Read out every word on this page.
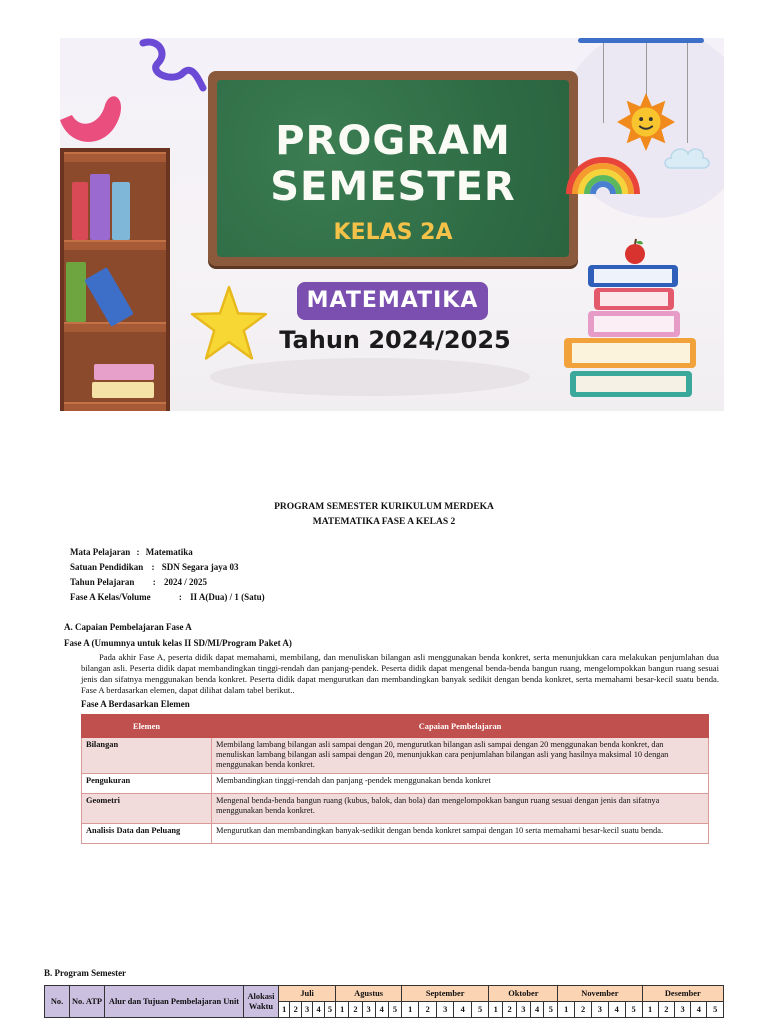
PROGRAM
SEMESTER
KELAS 2A
MATEMATIKA
Tahun 2024/2025
PROGRAM SEMESTER KURIKULUM MERDEKA
MATEMATIKA FASE A KELAS 2
Mata Pelajaran : Matematika
Satuan Pendidikan : SDN Segara jaya 03
Tahun Pelajaran : 2024 / 2025
Fase A Kelas/Volume	: II A(Dua) / 1 (Satu)
A. Capaian Pembelajaran Fase A
Fase A (Umumnya untuk kelas II SD/MI/Program Paket A)
Pada akhir Fase A, peserta didik dapat memahami, membilang, dan menuliskan bilangan asli menggunakan benda konkret, serta menunjukkan cara melakukan penjumlahan dua bilangan asli. Peserta didik dapat membandingkan tinggi-rendah dan panjang-pendek. Peserta didik dapat mengenal benda-benda bangun ruang, mengelompokkan bangun ruang sesuai jenis dan sifatnya menggunakan benda konkret. Peserta didik dapat mengurutkan dan membandingkan banyak sedikit dengan benda konkret, serta memahami besar-kecil suatu benda. Fase A berdasarkan elemen, dapat dilihat dalam tabel berikut..
Fase A Berdasarkan Elemen
Elemen	Capaian Pembelajaran
Bilangan	Membilang lambang bilangan asli sampai dengan 20, mengurutkan bilangan asli sampai dengan 20 menggunakan benda konkret, dan menuliskan lambang bilangan asli sampai dengan 20, menunjukkan cara penjumlahan bilangan asli yang hasilnya maksimal 10 dengan menggunakan benda konkret.
Pengukuran	Membandingkan tinggi-rendah dan panjang -pendek menggunakan benda konkret
Geometri	Mengenal benda-benda bangun ruang (kubus, balok, dan bola) dan mengelompokkan bangun ruang sesuai dengan jenis dan sifatnya menggunakan benda konkret.
Analisis Data dan Peluang	Mengurutkan dan membandingkan banyak-sedikit dengan benda konkret sampai dengan 10 serta memahami besar-kecil suatu benda.
B. Program Semester
No.	No. ATP	Alur dan Tujuan Pembelajaran Unit	Alokasi Waktu	Juli					Agustus					September					Oktober					November					Desember				
				1	2	3	4	5	1	2	3	4	5	1	2	3	4	5	1	2	3	4	5	1	2	3	4	5	1	2	3	4	5
